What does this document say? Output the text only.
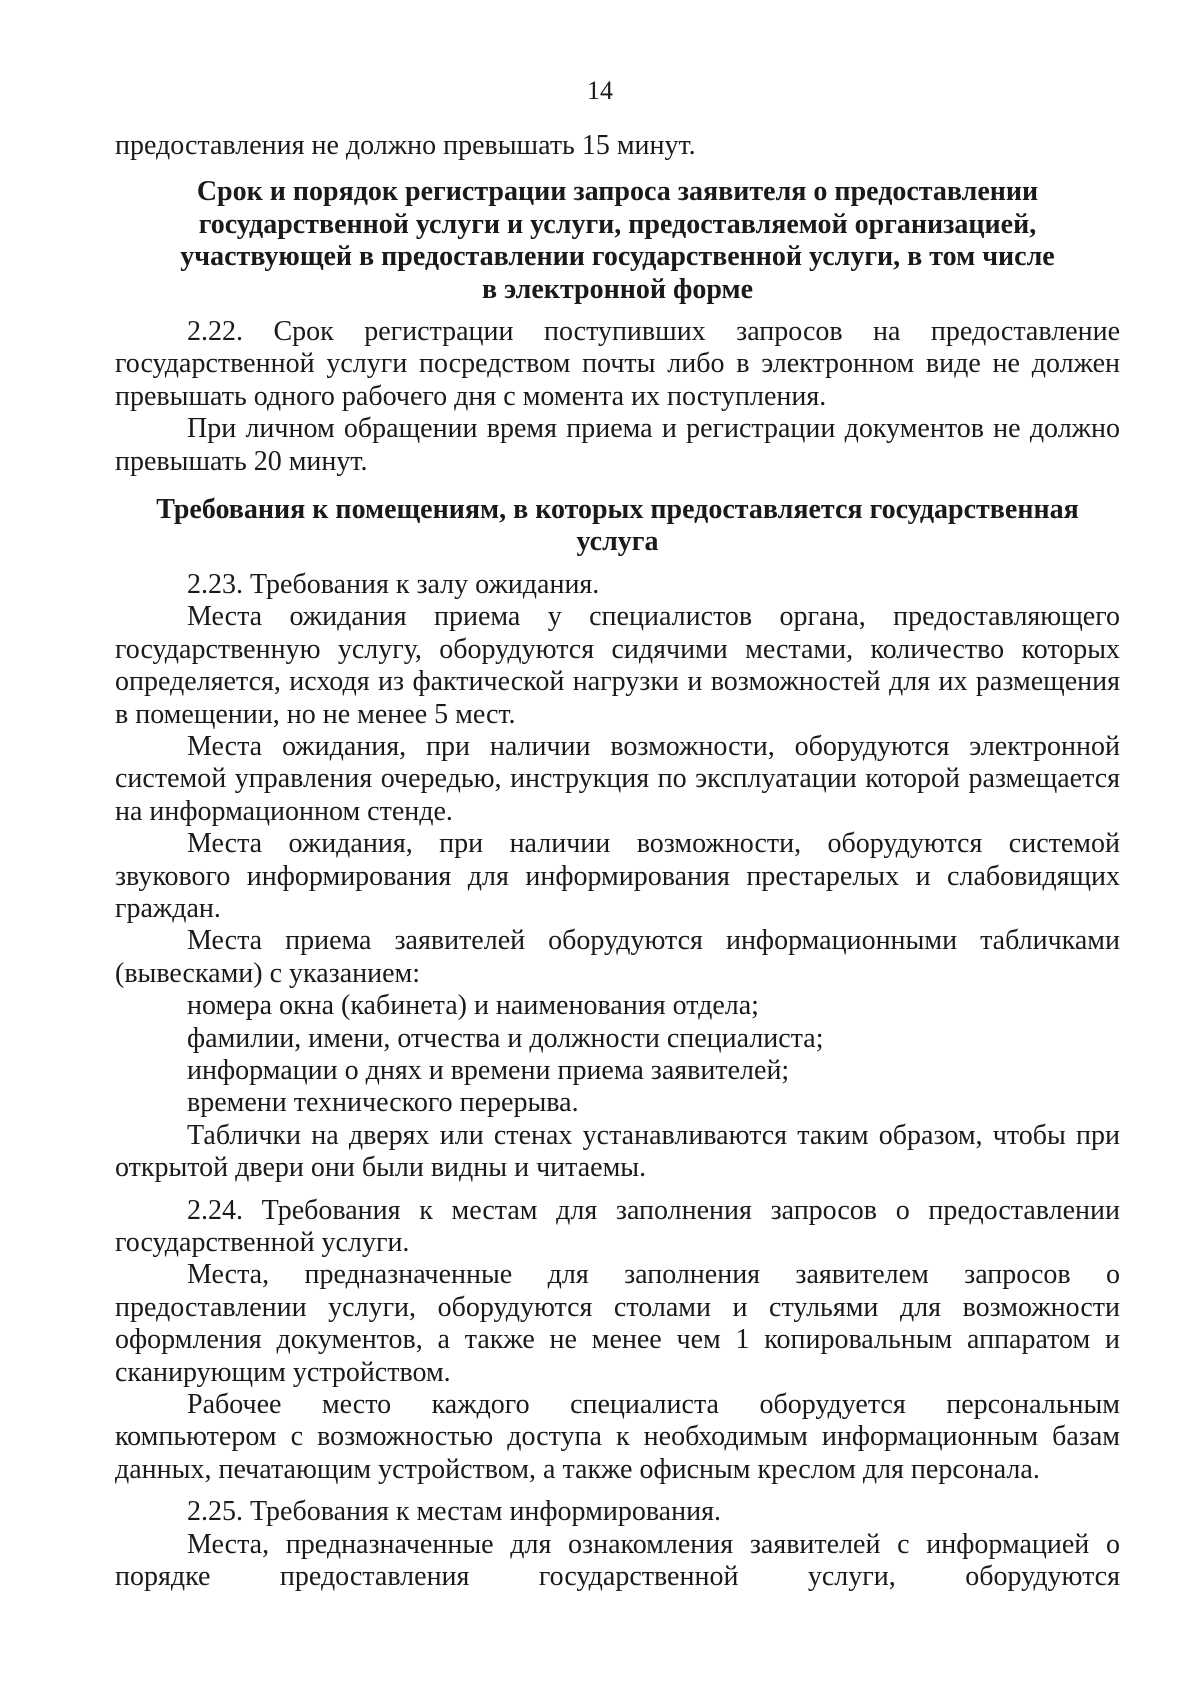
14

предоставления не должно превышать 15 минут.

Срок и порядок регистрации запроса заявителя о предоставлении

государственной услуги и услуги, предоставляемой организацией,

участвующей в предоставлении государственной услуги, в том числе

в электронной форме

2.22. Срок регистрации поступивших запросов на предоставление государственной услуги посредством почты либо в электронном виде не должен превышать одного рабочего дня с момента их поступления.

При личном обращении время приема и регистрации документов не должно превышать 20 минут.

Требования к помещениям, в которых предоставляется государственная

услуга

2.23. Требования к залу ожидания.

Места ожидания приема у специалистов органа, предоставляющего государственную услугу, оборудуются сидячими местами, количество которых определяется, исходя из фактической нагрузки и возможностей для их размещения в помещении, но не менее 5 мест.

Места ожидания, при наличии возможности, оборудуются электронной системой управления очередью, инструкция по эксплуатации которой размещается на информационном стенде.

Места ожидания, при наличии возможности, оборудуются системой звукового информирования для информирования престарелых и слабовидящих граждан.

Места приема заявителей оборудуются информационными табличками (вывесками) с указанием:

номера окна (кабинета) и наименования отдела;

фамилии, имени, отчества и должности специалиста;

информации о днях и времени приема заявителей;

времени технического перерыва.

Таблички на дверях или стенах устанавливаются таким образом, чтобы при открытой двери они были видны и читаемы.

2.24. Требования к местам для заполнения запросов о предоставлении государственной услуги.

Места, предназначенные для заполнения заявителем запросов о предоставлении услуги, оборудуются столами и стульями для возможности оформления документов, а также не менее чем 1 копировальным аппаратом и сканирующим устройством.

Рабочее место каждого специалиста оборудуется персональным компьютером с возможностью доступа к необходимым информационным базам данных, печатающим устройством, а также офисным креслом для персонала.

2.25. Требования к местам информирования.

Места, предназначенные для ознакомления заявителей с информацией о порядке предоставления государственной услуги, оборудуются
